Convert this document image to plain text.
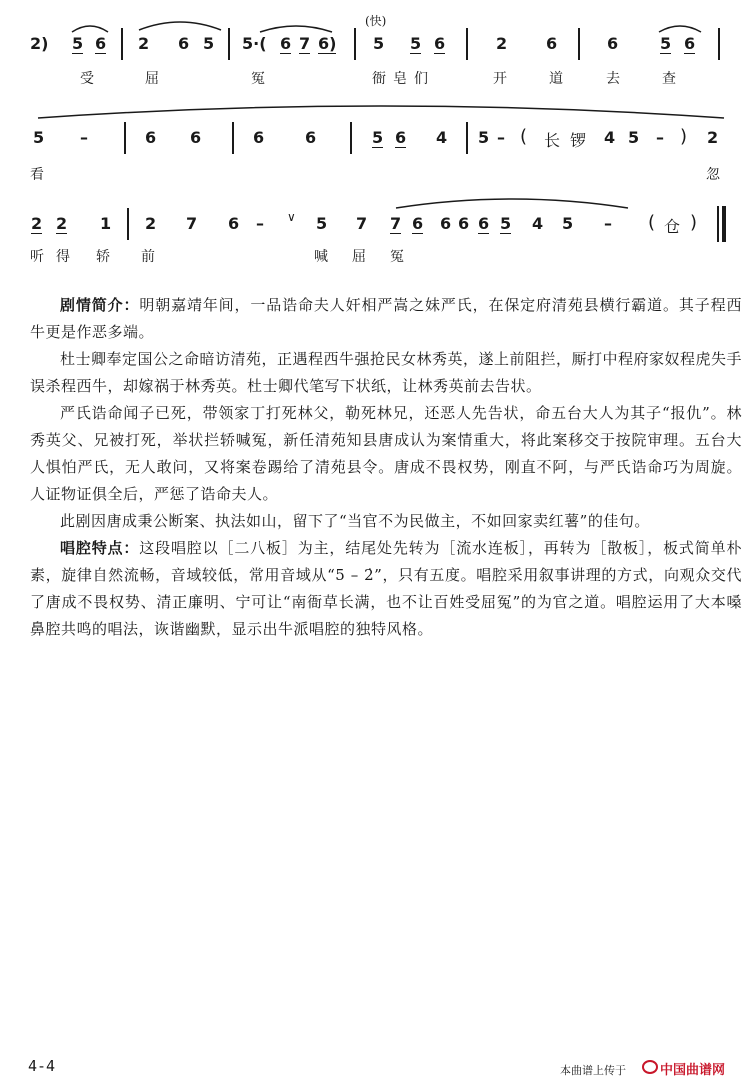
(快)
2) 5 6 2 6 5 5·( 6 7 6) 5 5 6	2 6	6	5 6
受	屈	冤	衙 皂 们	开	道	去	查
5 –	6 6	6	6	5 6 4 5 – ( 长 锣 4 5 – ) 2
看	忽
2 2 1 2 7 6 – ∨ 5 7 7 6 6 6 6 5 4 5 – ( 仓 )
听 得 轿 前	喊 屈 冤

剧情简介：明朝嘉靖年间，一品诰命夫人奸相严嵩之妹严氏，在保定府清苑县横行霸道。其子程西牛更是作恶多端。

杜士卿奉定国公之命暗访清苑，正遇程西牛强抢民女林秀英，遂上前阻拦，厮打中程府家奴程虎失手误杀程西牛，却嫁祸于林秀英。杜士卿代笔写下状纸，让林秀英前去告状。

严氏诰命闻子已死，带领家丁打死林父，勒死林兄，还恶人先告状，命五台大人为其子“报仇”。林秀英父、兄被打死，举状拦轿喊冤，新任清苑知县唐成认为案情重大，将此案移交于按院审理。五台大人惧怕严氏，无人敢问，又将案卷踢给了清苑县令。唐成不畏权势，刚直不阿，与严氏诰命巧为周旋。人证物证俱全后，严惩了诰命夫人。

此剧因唐成秉公断案、执法如山，留下了“当官不为民做主，不如回家卖红薯”的佳句。

唱腔特点：这段唱腔以［二八板］为主，结尾处先转为［流水连板］，再转为［散板］，板式简单朴素，旋律自然流畅，音域较低，常用音域从“5 – 2̇”，只有五度。唱腔采用叙事讲理的方式，向观众交代了唐成不畏权势、清正廉明、宁可让“南衙草长满，也不让百姓受屈冤”的为官之道。唱腔运用了大本嗓鼻腔共鸣的唱法，诙谐幽默，显示出牛派唱腔的独特风格。

4-4	本曲谱上传于	中国曲谱网
